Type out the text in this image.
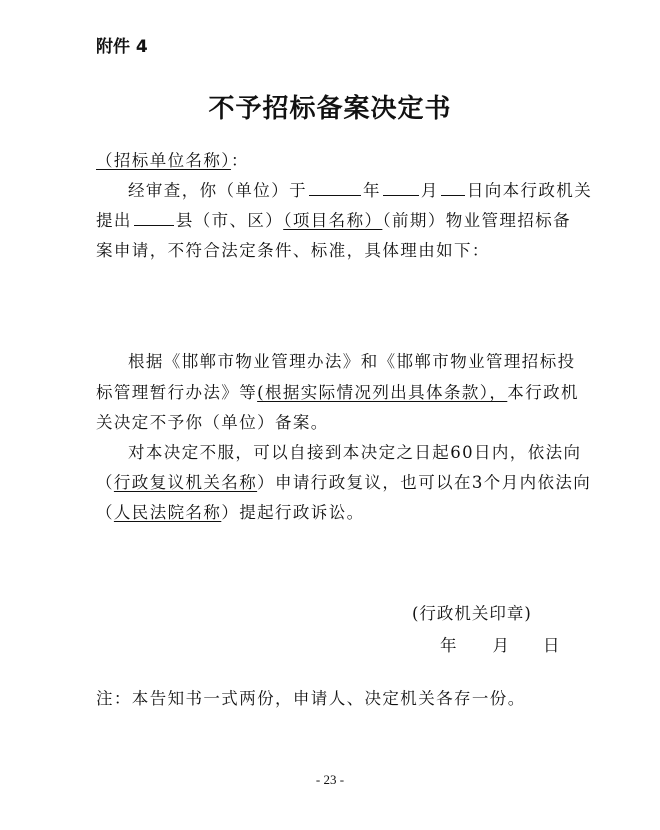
附件 4
不予招标备案决定书
（招标单位名称）：
经审查，你（单位）于	年 月 日向本行政机关
提出	县（市、区）（项目名称）（前期）物业管理招标备
案申请，不符合法定条件、标准，具体理由如下：
根据《邯郸市物业管理办法》和《邯郸市物业管理招标投
标管理暂行办法》等(根据实际情况列出具体条款），本行政机
关决定不予你（单位）备案。
对本决定不服，可以自接到本决定之日起60日内，依法向
（行政复议机关名称）申请行政复议，也可以在3个月内依法向
（人民法院名称）提起行政诉讼。
(行政机关印章)
年 月 日
注：本告知书一式两份，申请人、决定机关各存一份。
- 23 -
